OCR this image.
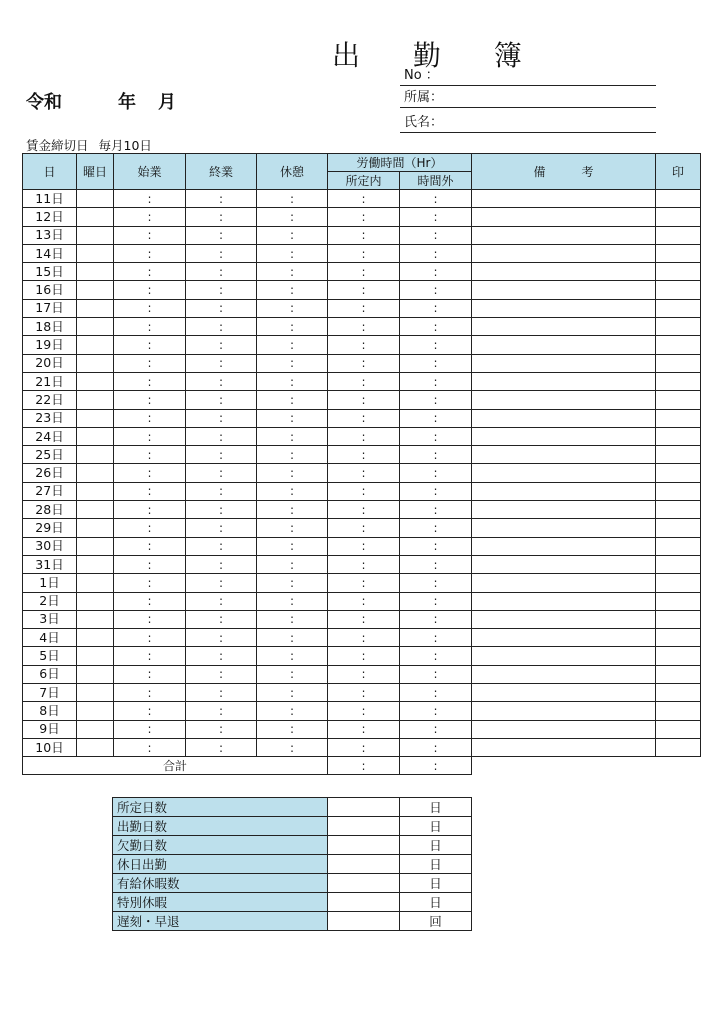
出 勤 簿
令和	年 月
No ：
所属：
氏名：
賃金締切日 毎月10日
日	曜日	始業	終業	休憩	労働時間（Hr）		備　　　考	印
					所定内	時間外		
11日		:	:	:	:	:		
12日		:	:	:	:	:		
13日		:	:	:	:	:		
14日		:	:	:	:	:		
15日		:	:	:	:	:		
16日		:	:	:	:	:		
17日		:	:	:	:	:		
18日		:	:	:	:	:		
19日		:	:	:	:	:		
20日		:	:	:	:	:		
21日		:	:	:	:	:		
22日		:	:	:	:	:		
23日		:	:	:	:	:		
24日		:	:	:	:	:		
25日		:	:	:	:	:		
26日		:	:	:	:	:		
27日		:	:	:	:	:		
28日		:	:	:	:	:		
29日		:	:	:	:	:		
30日		:	:	:	:	:		
31日		:	:	:	:	:		
1日		:	:	:	:	:		
2日		:	:	:	:	:		
3日		:	:	:	:	:		
4日		:	:	:	:	:		
5日		:	:	:	:	:		
6日		:	:	:	:	:		
7日		:	:	:	:	:		
8日		:	:	:	:	:		
9日		:	:	:	:	:		
10日		:	:	:	:	:		
合計					:	:		
所定日数		日
出勤日数		日
欠勤日数		日
休日出勤		日
有給休暇数		日
特別休暇		日
遅刻・早退		回
